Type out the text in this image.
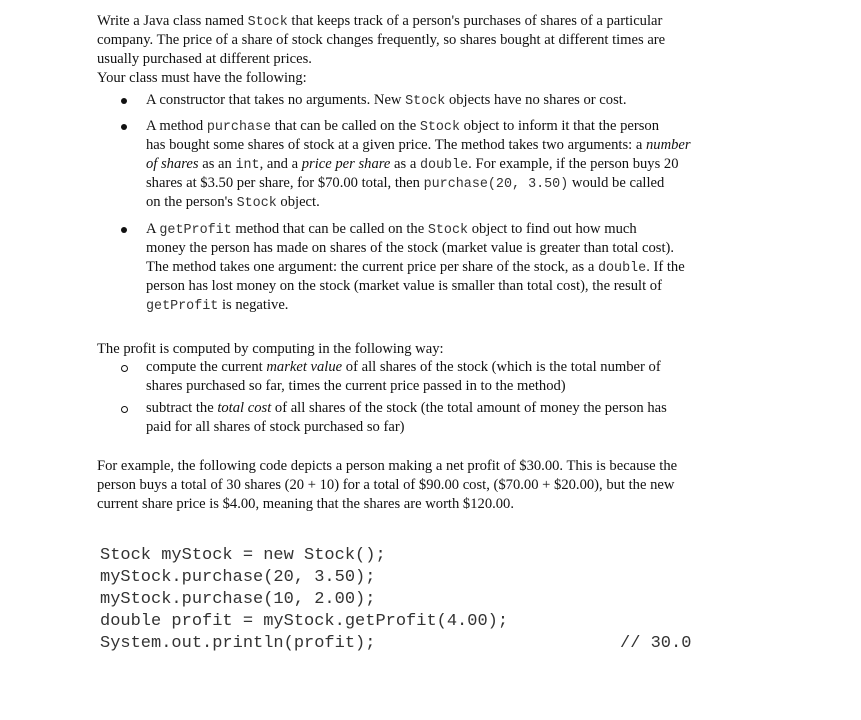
Write a Java class named Stock that keeps track of a person's purchases of shares of a particular
company. The price of a share of stock changes frequently, so shares bought at different times are
usually purchased at different prices.
Your class must have the following:
A constructor that takes no arguments. New Stock objects have no shares or cost.
A method purchase that can be called on the Stock object to inform it that the person
has bought some shares of stock at a given price. The method takes two arguments: a number
of shares as an int, and a price per share as a double. For example, if the person buys 20
shares at $3.50 per share, for $70.00 total, then purchase(20, 3.50) would be called
on the person's Stock object.
A getProfit method that can be called on the Stock object to find out how much
money the person has made on shares of the stock (market value is greater than total cost).
The method takes one argument: the current price per share of the stock, as a double. If the
person has lost money on the stock (market value is smaller than total cost), the result of
getProfit is negative.
The profit is computed by computing in the following way:
compute the current market value of all shares of the stock (which is the total number of
shares purchased so far, times the current price passed in to the method)
subtract the total cost of all shares of the stock (the total amount of money the person has
paid for all shares of stock purchased so far)
For example, the following code depicts a person making a net profit of $30.00. This is because the
person buys a total of 30 shares (20 + 10) for a total of $90.00 cost, ($70.00 + $20.00), but the new
current share price is $4.00, meaning that the shares are worth $120.00.
Stock myStock = new Stock();
myStock.purchase(20, 3.50);
myStock.purchase(10, 2.00);
double profit = myStock.getProfit(4.00);
System.out.println(profit);	// 30.0
